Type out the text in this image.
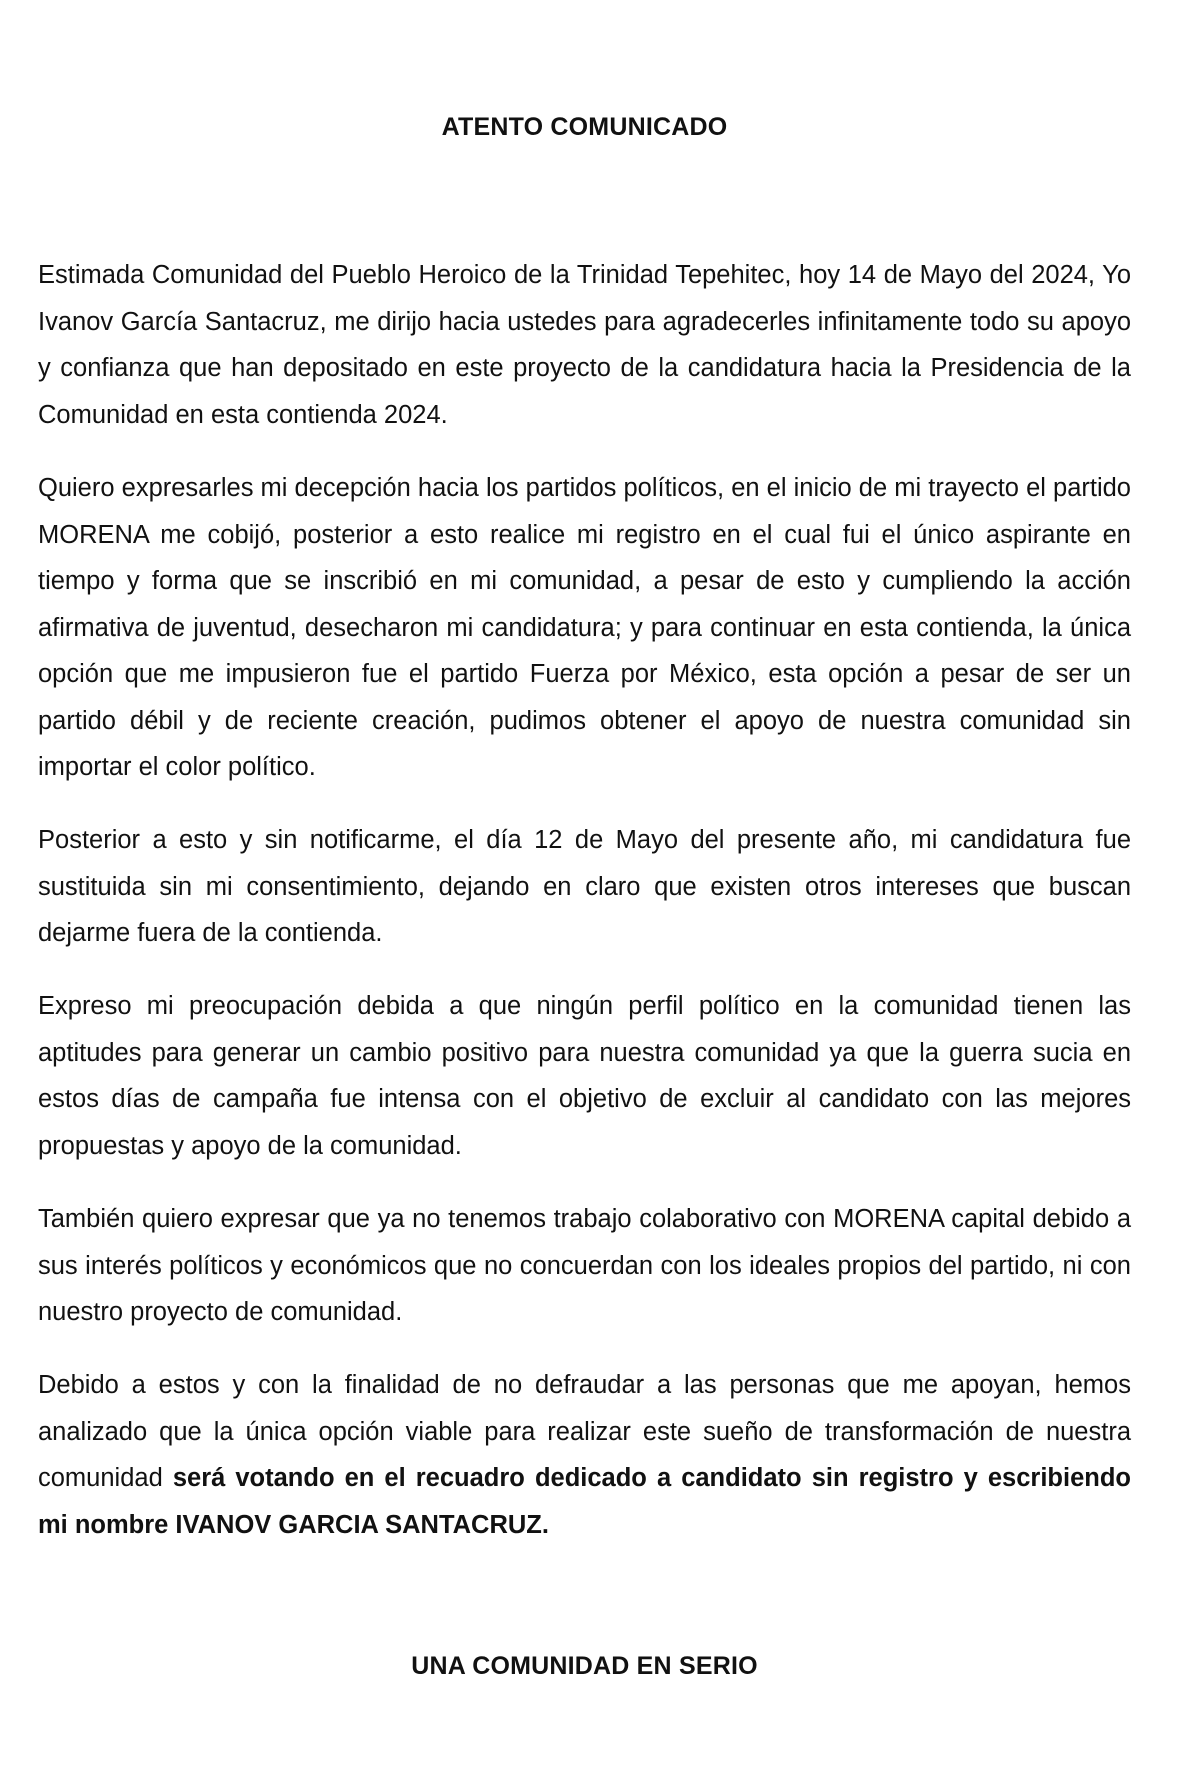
ATENTO COMUNICADO

Estimada Comunidad del Pueblo Heroico de la Trinidad Tepehitec, hoy 14 de Mayo del 2024, Yo Ivanov García Santacruz, me dirijo hacia ustedes para agradecerles infinitamente todo su apoyo y confianza que han depositado en este proyecto de la candidatura hacia la Presidencia de la Comunidad en esta contienda 2024.

Quiero expresarles mi decepción hacia los partidos políticos, en el inicio de mi trayecto el partido MORENA me cobijó, posterior a esto realice mi registro en el cual fui el único aspirante en tiempo y forma que se inscribió en mi comunidad, a pesar de esto y cumpliendo la acción afirmativa de juventud, desecharon mi candidatura; y para continuar en esta contienda, la única opción que me impusieron fue el partido Fuerza por México, esta opción a pesar de ser un partido débil y de reciente creación, pudimos obtener el apoyo de nuestra comunidad sin importar el color político.

Posterior a esto y sin notificarme, el día 12 de Mayo del presente año, mi candidatura fue sustituida sin mi consentimiento, dejando en claro que existen otros intereses que buscan dejarme fuera de la contienda.

Expreso mi preocupación debida a que ningún perfil político en la comunidad tienen las aptitudes para generar un cambio positivo para nuestra comunidad ya que la guerra sucia en estos días de campaña fue intensa con el objetivo de excluir al candidato con las mejores propuestas y apoyo de la comunidad.

También quiero expresar que ya no tenemos trabajo colaborativo con MORENA capital debido a sus interés políticos y económicos que no concuerdan con los ideales propios del partido, ni con nuestro proyecto de comunidad.

Debido a estos y con la finalidad de no defraudar a las personas que me apoyan, hemos analizado que la única opción viable para realizar este sueño de transformación de nuestra comunidad será votando en el recuadro dedicado a candidato sin registro y escribiendo mi nombre IVANOV GARCIA SANTACRUZ.

UNA COMUNIDAD EN SERIO
